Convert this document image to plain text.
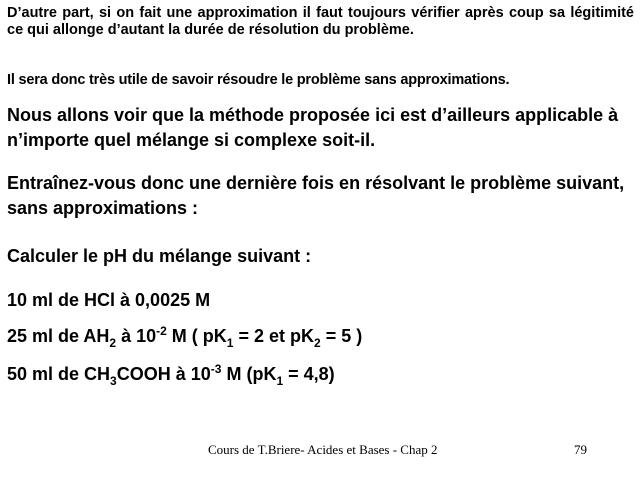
D’autre part, si on fait une approximation il faut toujours vérifier après coup sa légitimité ce qui allonge d’autant la durée de résolution du problème.

Il sera donc très utile de savoir résoudre le problème sans approximations.

Nous allons voir que la méthode proposée ici est d’ailleurs applicable à n’importe quel mélange si complexe soit-il.

Entraînez-vous donc une dernière fois en résolvant le problème suivant, sans approximations :

Calculer le pH du mélange suivant :

10 ml de HCl à 0,0025 M

25 ml de $AH_2$ à $10^{-2}$ M ( $pK_1 = 2$ et $pK_2 = 5$ )

50 ml de $CH_3COOH$ à $10^{-3}$ M $(pK_1 = 4,8)$

Cours de T.Briere- Acides et Bases - Chap 2	79
